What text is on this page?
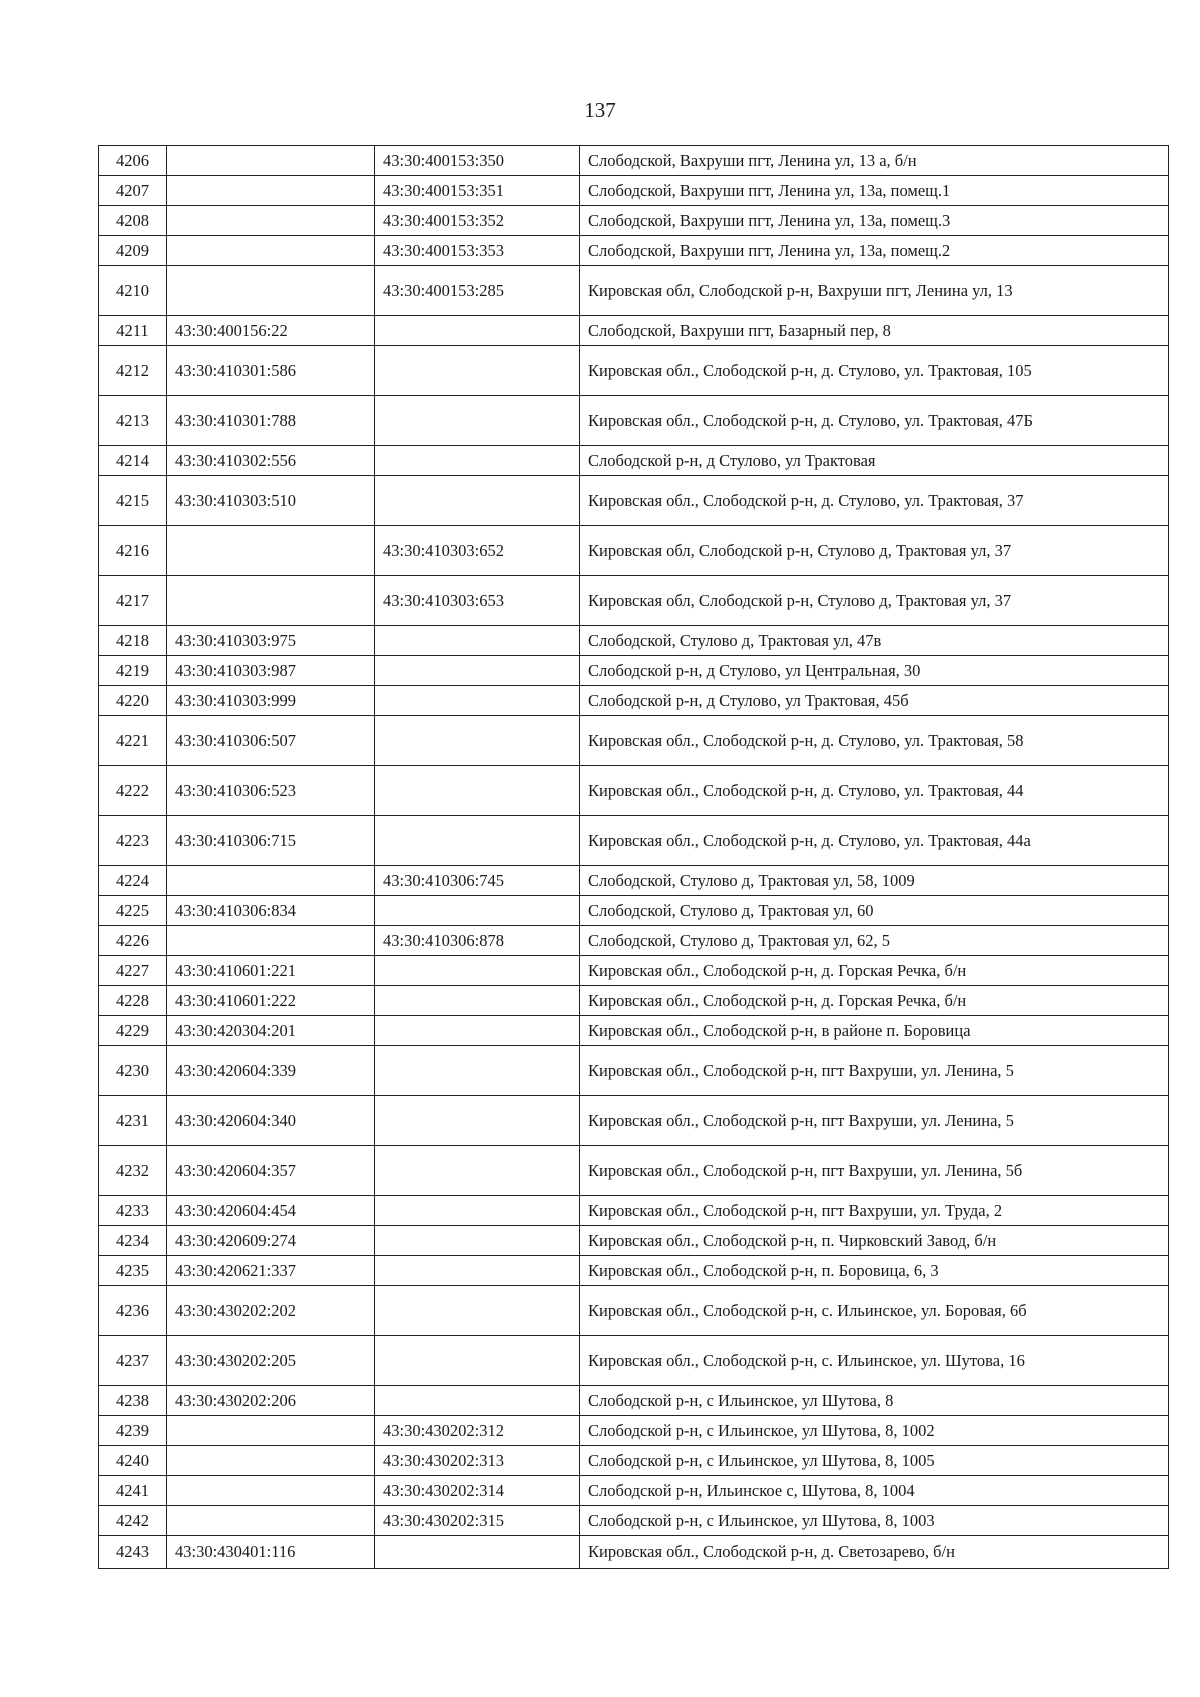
137
4206		43:30:400153:350	Слободской, Вахруши пгт, Ленина ул, 13 а, б/н
4207		43:30:400153:351	Слободской, Вахруши пгт, Ленина ул, 13а, помещ.1
4208		43:30:400153:352	Слободской, Вахруши пгт, Ленина ул, 13а, помещ.3
4209		43:30:400153:353	Слободской, Вахруши пгт, Ленина ул, 13а, помещ.2
4210		43:30:400153:285	Кировская обл, Слободской р-н, Вахруши пгт, Ленина ул, 13
4211	43:30:400156:22		Слободской, Вахруши пгт, Базарный пер, 8
4212	43:30:410301:586		Кировская обл., Слободской р-н, д. Стулово, ул. Трактовая, 105
4213	43:30:410301:788		Кировская обл., Слободской р-н, д. Стулово, ул. Трактовая, 47Б
4214	43:30:410302:556		Слободской р-н, д Стулово, ул Трактовая
4215	43:30:410303:510		Кировская обл., Слободской р-н, д. Стулово, ул. Трактовая, 37
4216		43:30:410303:652	Кировская обл, Слободской р-н, Стулово д, Трактовая ул, 37
4217		43:30:410303:653	Кировская обл, Слободской р-н, Стулово д, Трактовая ул, 37
4218	43:30:410303:975		Слободской, Стулово д, Трактовая ул, 47в
4219	43:30:410303:987		Слободской р-н, д Стулово, ул Центральная, 30
4220	43:30:410303:999		Слободской р-н, д Стулово, ул Трактовая, 45б
4221	43:30:410306:507		Кировская обл., Слободской р-н, д. Стулово, ул. Трактовая, 58
4222	43:30:410306:523		Кировская обл., Слободской р-н, д. Стулово, ул. Трактовая, 44
4223	43:30:410306:715		Кировская обл., Слободской р-н, д. Стулово, ул. Трактовая, 44а
4224		43:30:410306:745	Слободской, Стулово д, Трактовая ул, 58, 1009
4225	43:30:410306:834		Слободской, Стулово д, Трактовая ул, 60
4226		43:30:410306:878	Слободской, Стулово д, Трактовая ул, 62, 5
4227	43:30:410601:221		Кировская обл., Слободской р-н, д. Горская Речка, б/н
4228	43:30:410601:222		Кировская обл., Слободской р-н, д. Горская Речка, б/н
4229	43:30:420304:201		Кировская обл., Слободской р-н, в районе п. Боровица
4230	43:30:420604:339		Кировская обл., Слободской р-н, пгт Вахруши, ул. Ленина, 5
4231	43:30:420604:340		Кировская обл., Слободской р-н, пгт Вахруши, ул. Ленина, 5
4232	43:30:420604:357		Кировская обл., Слободской р-н, пгт Вахруши, ул. Ленина, 5б
4233	43:30:420604:454		Кировская обл., Слободской р-н, пгт Вахруши, ул. Труда, 2
4234	43:30:420609:274		Кировская обл., Слободской р-н, п. Чирковский Завод, б/н
4235	43:30:420621:337		Кировская обл., Слободской р-н, п. Боровица, 6, 3
4236	43:30:430202:202		Кировская обл., Слободской р-н, с. Ильинское, ул. Боровая, 6б
4237	43:30:430202:205		Кировская обл., Слободской р-н, с. Ильинское, ул. Шутова, 16
4238	43:30:430202:206		Слободской р-н, с Ильинское, ул Шутова, 8
4239		43:30:430202:312	Слободской р-н, с Ильинское, ул Шутова, 8, 1002
4240		43:30:430202:313	Слободской р-н, с Ильинское, ул Шутова, 8, 1005
4241		43:30:430202:314	Слободской р-н, Ильинское с, Шутова, 8, 1004
4242		43:30:430202:315	Слободской р-н, с Ильинское, ул Шутова, 8, 1003
4243	43:30:430401:116		Кировская обл., Слободской р-н, д. Светозарево, б/н
